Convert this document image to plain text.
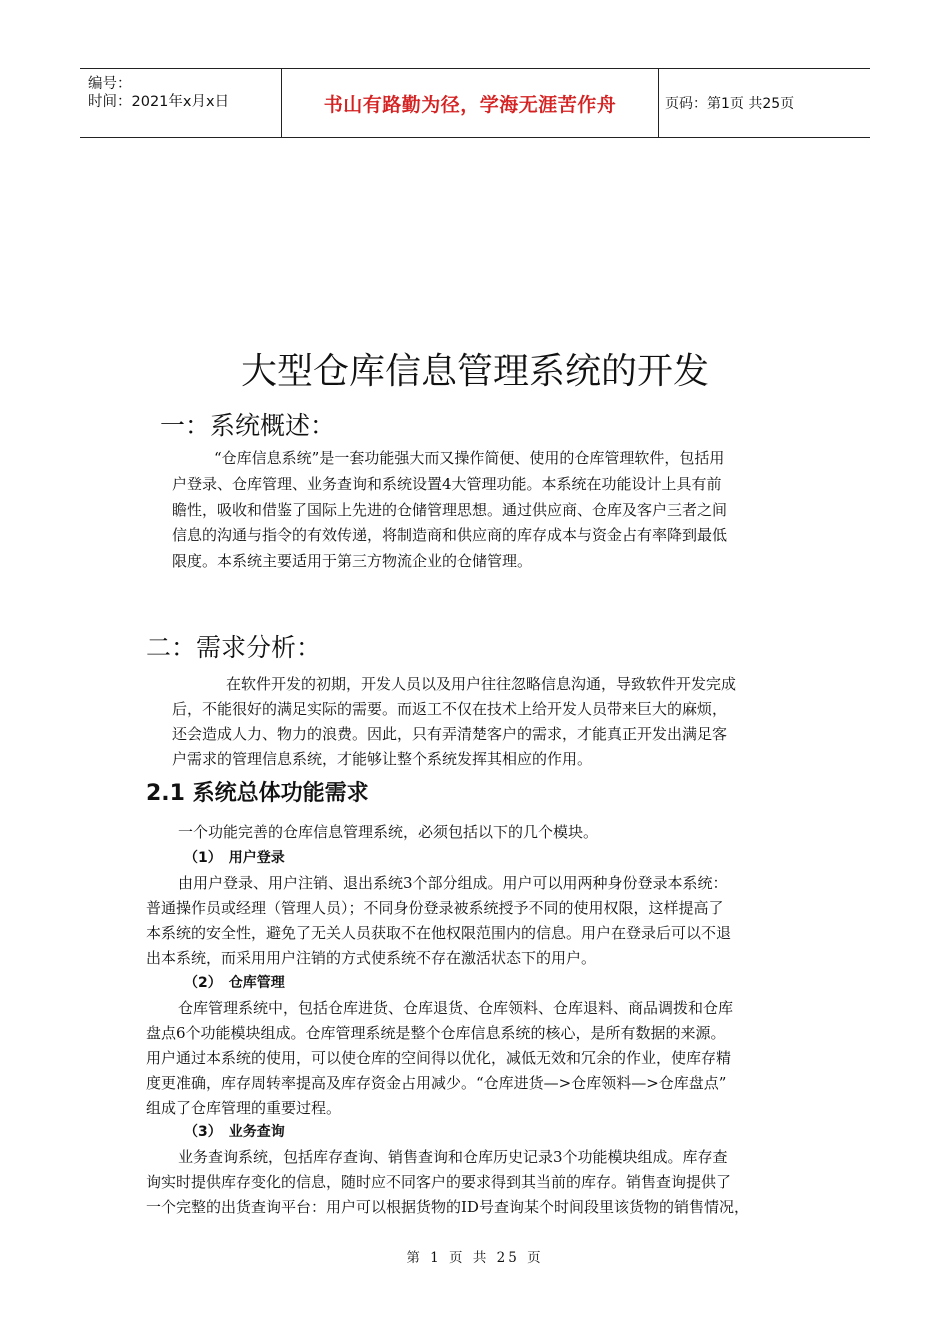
编号：
时间：2021年x月x日	书山有路勤为径，学海无涯苦作舟	页码：第1页 共25页
大型仓库信息管理系统的开发
一：系统概述：
“仓库信息系统”是一套功能强大而又操作简便、使用的仓库管理软件，包括用
户登录、仓库管理、业务查询和系统设置4大管理功能。本系统在功能设计上具有前
瞻性，吸收和借鉴了国际上先进的仓储管理思想。通过供应商、仓库及客户三者之间
信息的沟通与指令的有效传递，将制造商和供应商的库存成本与资金占有率降到最低
限度。本系统主要适用于第三方物流企业的仓储管理。
二：需求分析：
在软件开发的初期，开发人员以及用户往往忽略信息沟通，导致软件开发完成
后，不能很好的满足实际的需要。而返工不仅在技术上给开发人员带来巨大的麻烦，
还会造成人力、物力的浪费。因此，只有弄清楚客户的需求，才能真正开发出满足客
户需求的管理信息系统，才能够让整个系统发挥其相应的作用。
2.1 系统总体功能需求
一个功能完善的仓库信息管理系统，必须包括以下的几个模块。
（1）　用户登录
由用户登录、用户注销、退出系统3个部分组成。用户可以用两种身份登录本系统：
普通操作员或经理（管理人员）；不同身份登录被系统授予不同的使用权限，这样提高了
本系统的安全性，避免了无关人员获取不在他权限范围内的信息。用户在登录后可以不退
出本系统，而采用用户注销的方式使系统不存在激活状态下的用户。
（2）　仓库管理
仓库管理系统中，包括仓库进货、仓库退货、仓库领料、仓库退料、商品调拨和仓库
盘点6个功能模块组成。仓库管理系统是整个仓库信息系统的核心，是所有数据的来源。
用户通过本系统的使用，可以使仓库的空间得以优化，减低无效和冗余的作业，使库存精
度更准确，库存周转率提高及库存资金占用减少。“仓库进货—>仓库领料—>仓库盘点”
组成了仓库管理的重要过程。
（3）　业务查询
业务查询系统，包括库存查询、销售查询和仓库历史记录3个功能模块组成。库存查
询实时提供库存变化的信息，随时应不同客户的要求得到其当前的库存。销售查询提供了
一个完整的出货查询平台：用户可以根据货物的ID号查询某个时间段里该货物的销售情况，
第 1 页 共 25 页
